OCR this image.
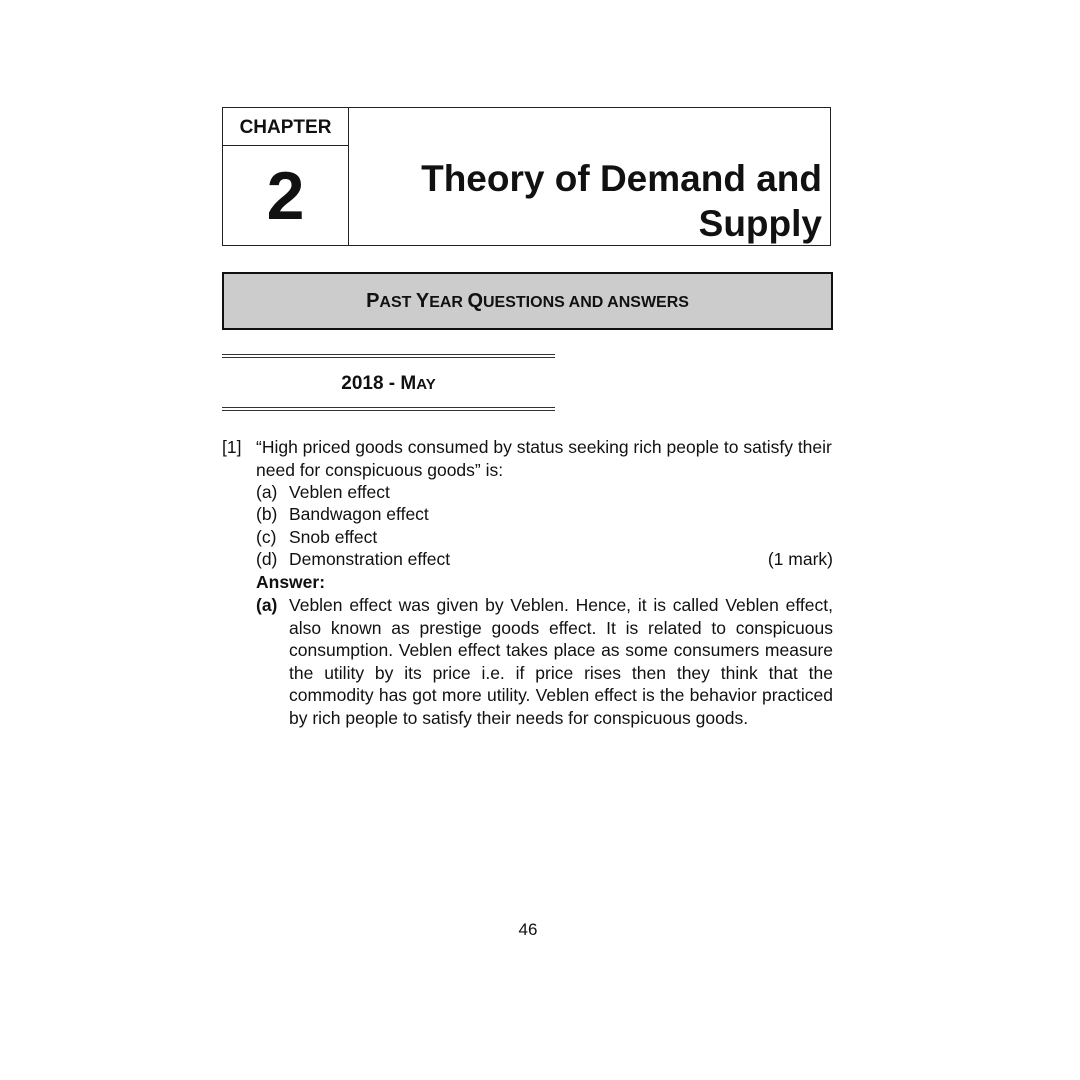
CHAPTER
2	Theory of Demand and Supply
PAST YEAR QUESTIONS AND ANSWERS
2018 - MAY
[1] “High priced goods consumed by status seeking rich people to satisfy their need for conspicuous goods” is:
(a) Veblen effect
(b) Bandwagon effect
(c) Snob effect
(d) Demonstration effect	(1 mark)
Answer:
(a) Veblen effect was given by Veblen. Hence, it is called Veblen effect, also known as prestige goods effect. It is related to conspicuous consumption. Veblen effect takes place as some consumers measure the utility by its price i.e. if price rises then they think that the commodity has got more utility. Veblen effect is the behavior practiced by rich people to satisfy their needs for conspicuous goods.
46
